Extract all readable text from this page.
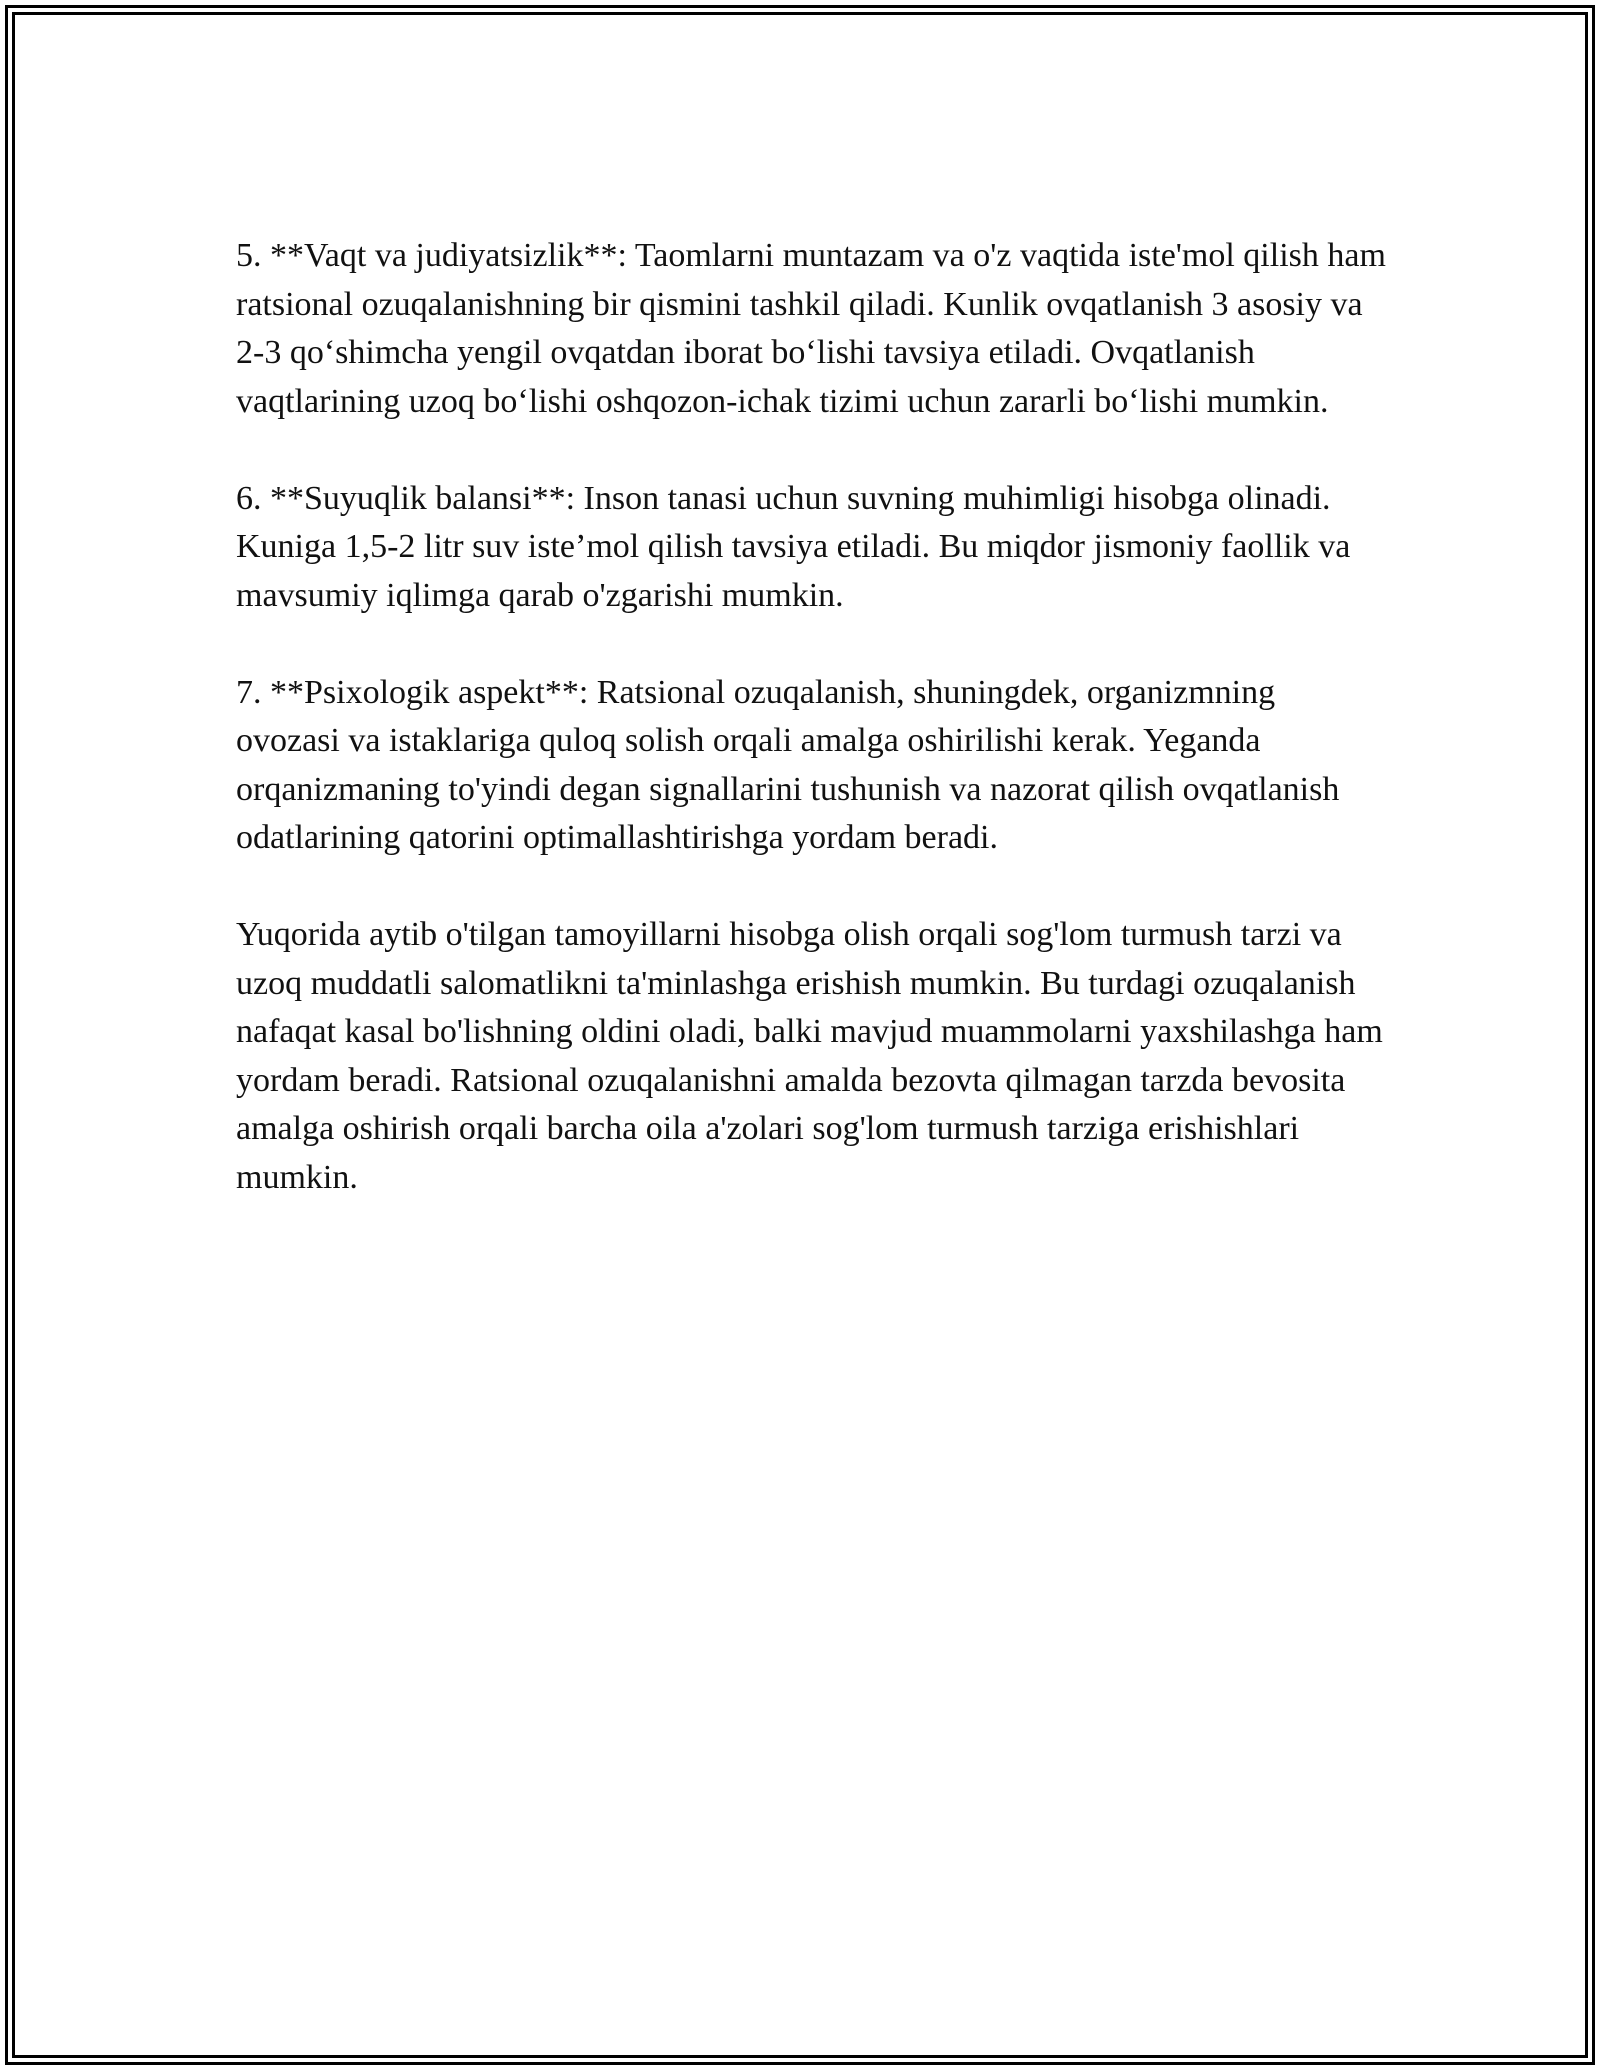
5. **Vaqt va judiyatsizlik**: Taomlarni muntazam va o'z vaqtida iste'mol qilish ham ratsional ozuqalanishning bir qismini tashkil qiladi. Kunlik ovqatlanish 3 asosiy va 2-3 qo‘shimcha yengil ovqatdan iborat bo‘lishi tavsiya etiladi. Ovqatlanish vaqtlarining uzoq bo‘lishi oshqozon-ichak tizimi uchun zararli bo‘lishi mumkin.

6. **Suyuqlik balansi**: Inson tanasi uchun suvning muhimligi hisobga olinadi. Kuniga 1,5-2 litr suv iste’mol qilish tavsiya etiladi. Bu miqdor jismoniy faollik va mavsumiy iqlimga qarab o'zgarishi mumkin.

7. **Psixologik aspekt**: Ratsional ozuqalanish, shuningdek, organizmning ovozasi va istaklariga quloq solish orqali amalga oshirilishi kerak. Yeganda orqanizmaning to'yindi degan signallarini tushunish va nazorat qilish ovqatlanish odatlarining qatorini optimallashtirishga yordam beradi.

Yuqorida aytib o'tilgan tamoyillarni hisobga olish orqali sog'lom turmush tarzi va uzoq muddatli salomatlikni ta'minlashga erishish mumkin. Bu turdagi ozuqalanish nafaqat kasal bo'lishning oldini oladi, balki mavjud muammolarni yaxshilashga ham yordam beradi. Ratsional ozuqalanishni amalda bezovta qilmagan tarzda bevosita amalga oshirish orqali barcha oila a'zolari sog'lom turmush tarziga erishishlari mumkin.
